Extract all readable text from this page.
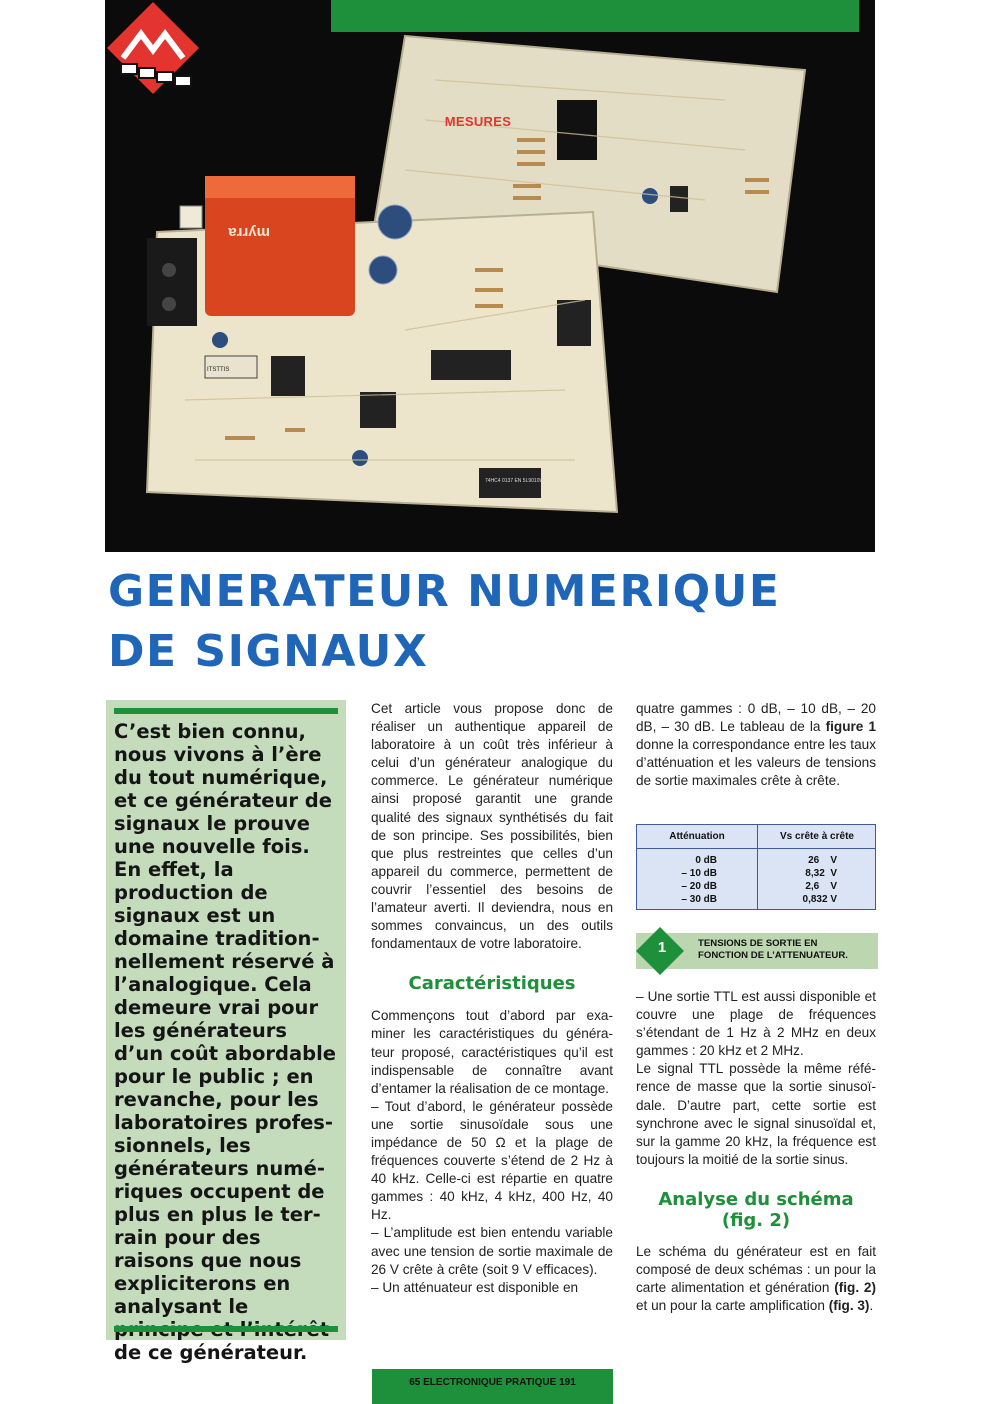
myrra
74HC4 0137 EN 5L9010W
ITSTTIS
MESURES
GENERATEUR NUMERIQUE
DE SIGNAUX

C’est bien connu, nous vivons à l’ère du tout numérique, et ce générateur de signaux le prouve une nouvelle fois. En effet, la production de signaux est un domaine traditionnellement réservé à l’analogique. Cela demeure vrai pour les générateurs d’un coût abordable pour le public ; en revanche, pour les laboratoires professionnels, les générateurs numériques occupent de plus en plus le terrain pour des raisons que nous expliciterons en analysant le de ce générateur.

Cet article vous propose donc de réaliser un authentique appareil de laboratoire à un coût très inférieur à celui d’un générateur analogique du commerce. Le générateur numérique ainsi proposé garantit une grande qualité des signaux synthétisés du fait de son principe. Ses possibilités, bien que plus restreintes que celles d’un appareil du commerce, permettent de couvrir l’essentiel des besoins de l’amateur averti. Il deviendra, nous en sommes convaincus, un des outils fondamentaux de votre laboratoire.

Caractéristiques

Commençons tout d’abord par examiner les caractéristiques du générateur proposé, caractéristiques qu’il est indispensable de connaître avant d’entamer la réalisation de ce montage.

– Tout d’abord, le générateur possède une sortie sinusoïdale sous une impédance de 50 Ω et la plage de fréquences couverte s’étend de 2 Hz à 40 kHz. Celle-ci est répartie en quatre gammes : 40 kHz, 4 kHz, 400 Hz, 40 Hz.

– L’amplitude est bien entendu variable avec une tension de sortie maximale de 26 V crête à crête (soit 9 V efficaces).

– Un atténuateur est disponible en

quatre gammes : 0 dB, – 10 dB, – 20 dB, – 30 dB. Le tableau de la figure 1 donne la correspondance entre les taux d’atténuation et les valeurs de tensions de sortie maximales crête à crête.

Atténuation	Vs crête à crête
0 dB	26    V
– 10 dB	8,32  V
– 20 dB	2,6    V
– 30 dB	0,832 V
1	TENSIONS DE SORTIE EN
FONCTION DE L’ATTENUATEUR.

– Une sortie TTL est aussi disponible et couvre une plage de fréquences s’étendant de 1 Hz à 2 MHz en deux gammes : 20 kHz et 2 MHz.

Le signal TTL possède la même référence de masse que la sortie sinusoïdale. D’autre part, cette sortie est synchrone avec le signal sinusoïdal et, sur la gamme 20 kHz, la fréquence est toujours la moitié de la sortie sinus.

Analyse du schéma (fig. 2)

Le schéma du générateur est en fait composé de deux schémas : un pour la carte alimentation et génération (fig. 2) et un pour la carte amplification (fig. 3).

65 ELECTRONIQUE PRATIQUE 191
